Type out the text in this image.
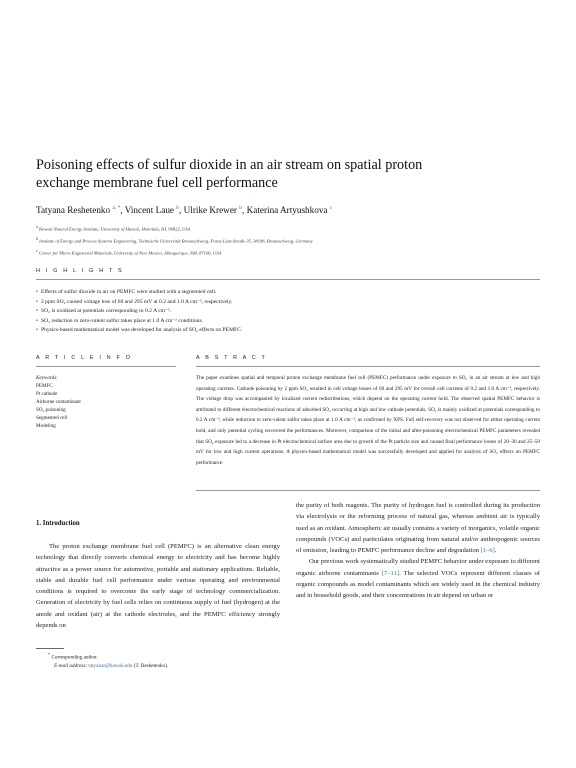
Poisoning effects of sulfur dioxide in an air stream on spatial proton exchange membrane fuel cell performance
Tatyana Reshetenko $^{a, *}$, Vincent Laue $^b$, Ulrike Krewer $^b$, Katerina Artyushkova $^c$
$^a$ Hawaii Natural Energy Institute, University of Hawaii, Honolulu, HI, 96822, USA
$^b$ Institute of Energy and Process Systems Engineering, Technische Universität Braunschweig, Franz-Liszt-Straße 35, 38106, Braunschweig, Germany
$^c$ Center for Micro-Engineered Materials, University of New Mexico, Albuquerque, NM, 87106, USA
H I G H L I G H T S
• Effects of sulfur dioxide in air on PEMFC were studied with a segmented cell.
• 2 ppm SO₂ caused voltage loss of 60 and 295 mV at 0.2 and 1.0 A cm⁻², respectively.
• SO₂ is oxidized at potentials corresponding to 0.2 A cm⁻².
• SO₂ reduction to zero-valent sulfur takes place at 1.0 A cm⁻² conditions.
• Physics-based mathematical model was developed for analysis of SO₂ effects on PEMFC.
A R T I C L E I N F O	A B S T R A C T
Keywords:
PEMFC
Pt cathode
Airborne contaminant
SO₂ poisoning
Segmented cell
Modeling
The paper examines spatial and temporal proton exchange membrane fuel cell (PEMFC) performance under exposure to SO₂ in an air stream at low and high operating currents. Cathode poisoning by 2 ppm SO₂ resulted in cell voltage losses of 60 and 295 mV for overall cell currents of 0.2 and 1.0 A cm⁻², respectively. The voltage drop was accompanied by localized current redistributions, which depend on the operating current hold. The observed spatial PEMFC behavior is attributed to different electrochemical reactions of adsorbed SO₂ occurring at high and low cathode potentials. SO₂ is mainly oxidized at potentials corresponding to 0.2 A cm⁻², while reduction to zero-valent sulfur takes place at 1.0 A cm⁻², as confirmed by XPS. Full self-recovery was not observed for either operating current hold, and only potential cycling recovered the performances. Moreover, comparison of the initial and after-poisoning electrochemical PEMFC parameters revealed that SO₂ exposure led to a decrease in Pt electrochemical surface area due to growth of the Pt particle size and caused final performance losses of 20–30 and 25–50 mV for low and high current operations. A physics-based mathematical model was successfully developed and applied for analysis of SO₂ effects on PEMFC performance.
1. Introduction

The proton exchange membrane fuel cell (PEMFC) is an alternative clean energy technology that directly converts chemical energy to electricity and has become highly attractive as a power source for automotive, portable and stationary applications. Reliable, stable and durable fuel cell performance under various operating and environmental conditions is required to overcome the early stage of technology commercialization. Generation of electricity by fuel cells relies on continuous supply of fuel (hydrogen) at the anode and oxidant (air) at the cathode electrodes, and the PEMFC efficiency strongly depends on

the purity of both reagents. The purity of hydrogen fuel is controlled during its production via electrolysis or the reforming process of natural gas, whereas ambient air is typically used as an oxidant. Atmospheric air usually contains a variety of inorganics, volatile organic compounds (VOCs) and particulates originating from natural and/or anthropogenic sources of emission, leading to PEMFC performance decline and degradation [1–6].

Our previous work systematically studied PEMFC behavior under exposure to different organic airborne contaminants [7–11]. The selected VOCs represent different classes of organic compounds as model contaminants which are widely used in the chemical industry and in household goods, and their concentrations in air depend on urban or

* Corresponding author.
E-mail address: tatyanar@hawaii.edu (T. Reshetenko).
